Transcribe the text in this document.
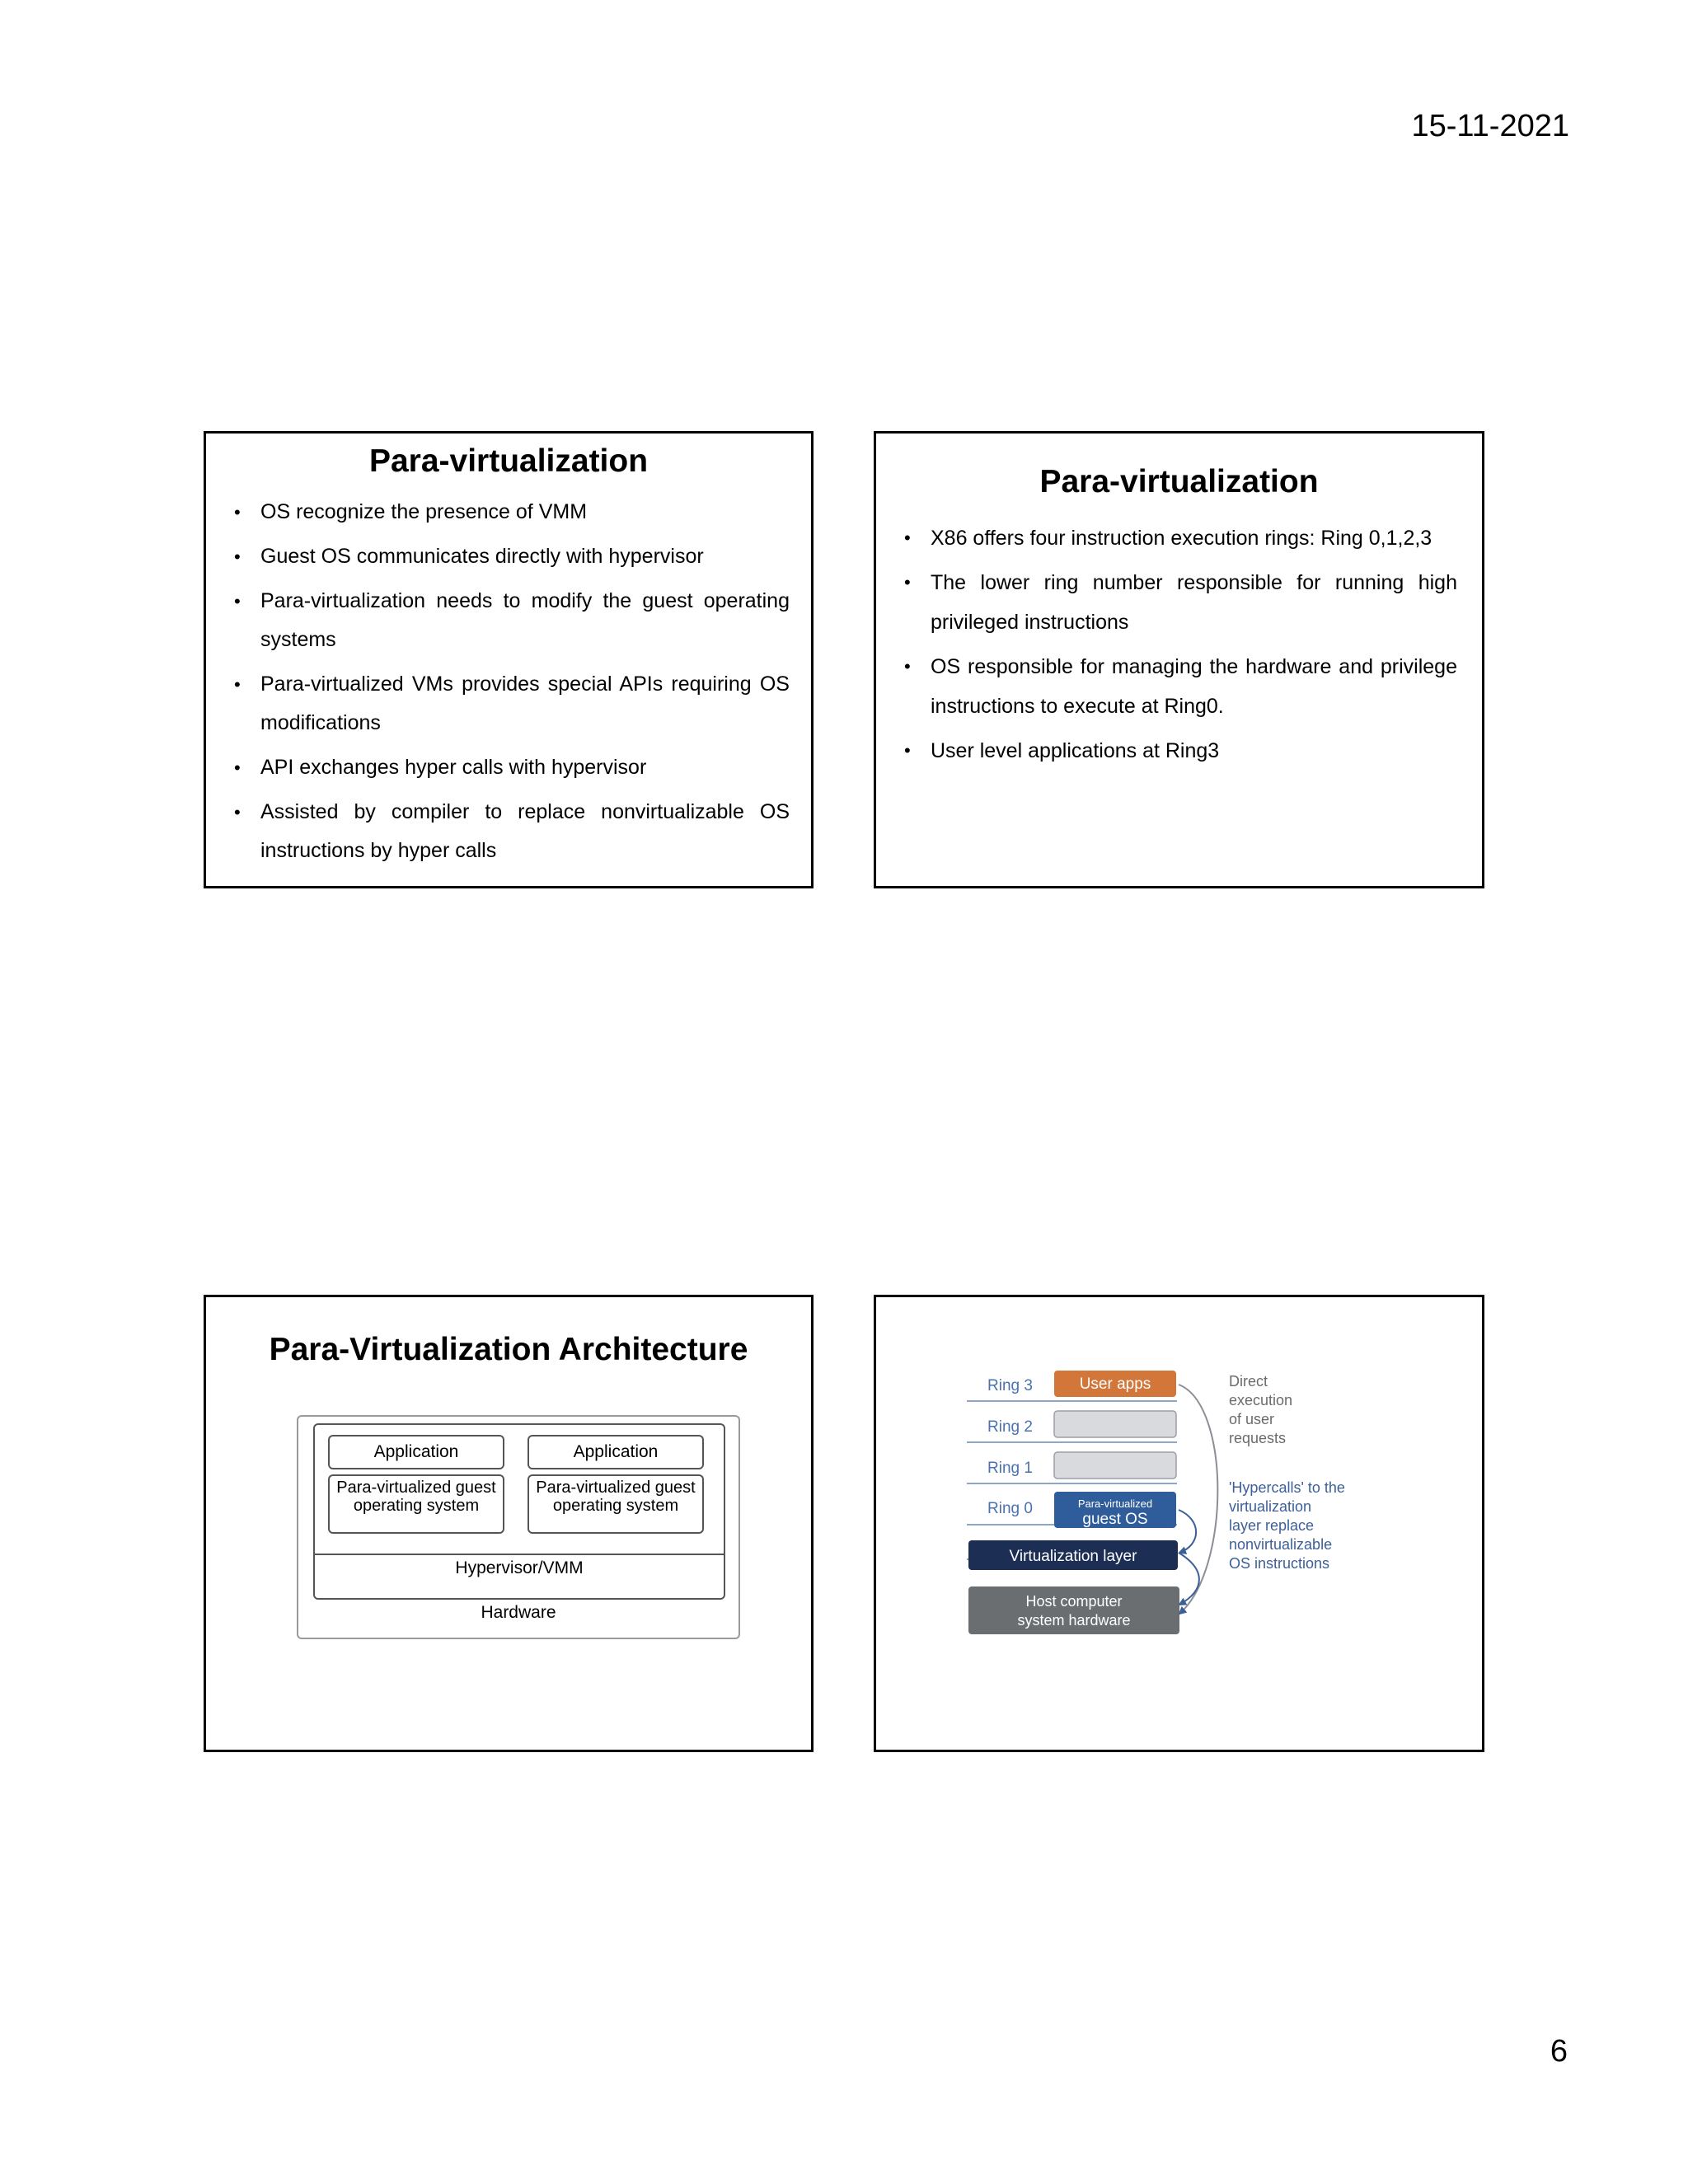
15-11-2021
Para-virtualization
• OS recognize the presence of VMM
• Guest OS communicates directly with hypervisor
• Para-virtualization needs to modify the guest operating systems
• Para-virtualized VMs provides special APIs requiring OS modifications
• API exchanges hyper calls with hypervisor
• Assisted by compiler to replace nonvirtualizable OS instructions by hyper calls
Para-virtualization
• X86 offers four instruction execution rings: Ring 0,1,2,3
• The lower ring number responsible for running high privileged instructions
• OS responsible for managing the hardware and privilege instructions to execute at Ring0.
• User level applications at Ring3
Para-Virtualization Architecture
Application
Para-virtualized guest operating system
Application
Para-virtualized guest operating system
Hypervisor/VMM
Hardware
Ring 3
Ring 2
Ring 1
Ring 0
User apps
Para-virtualized
guest OS
Virtualization layer
Host computer
system hardware
Direct
execution
of user
requests
'Hypercalls' to the
virtualization
layer replace
nonvirtualizable
OS instructions
6
